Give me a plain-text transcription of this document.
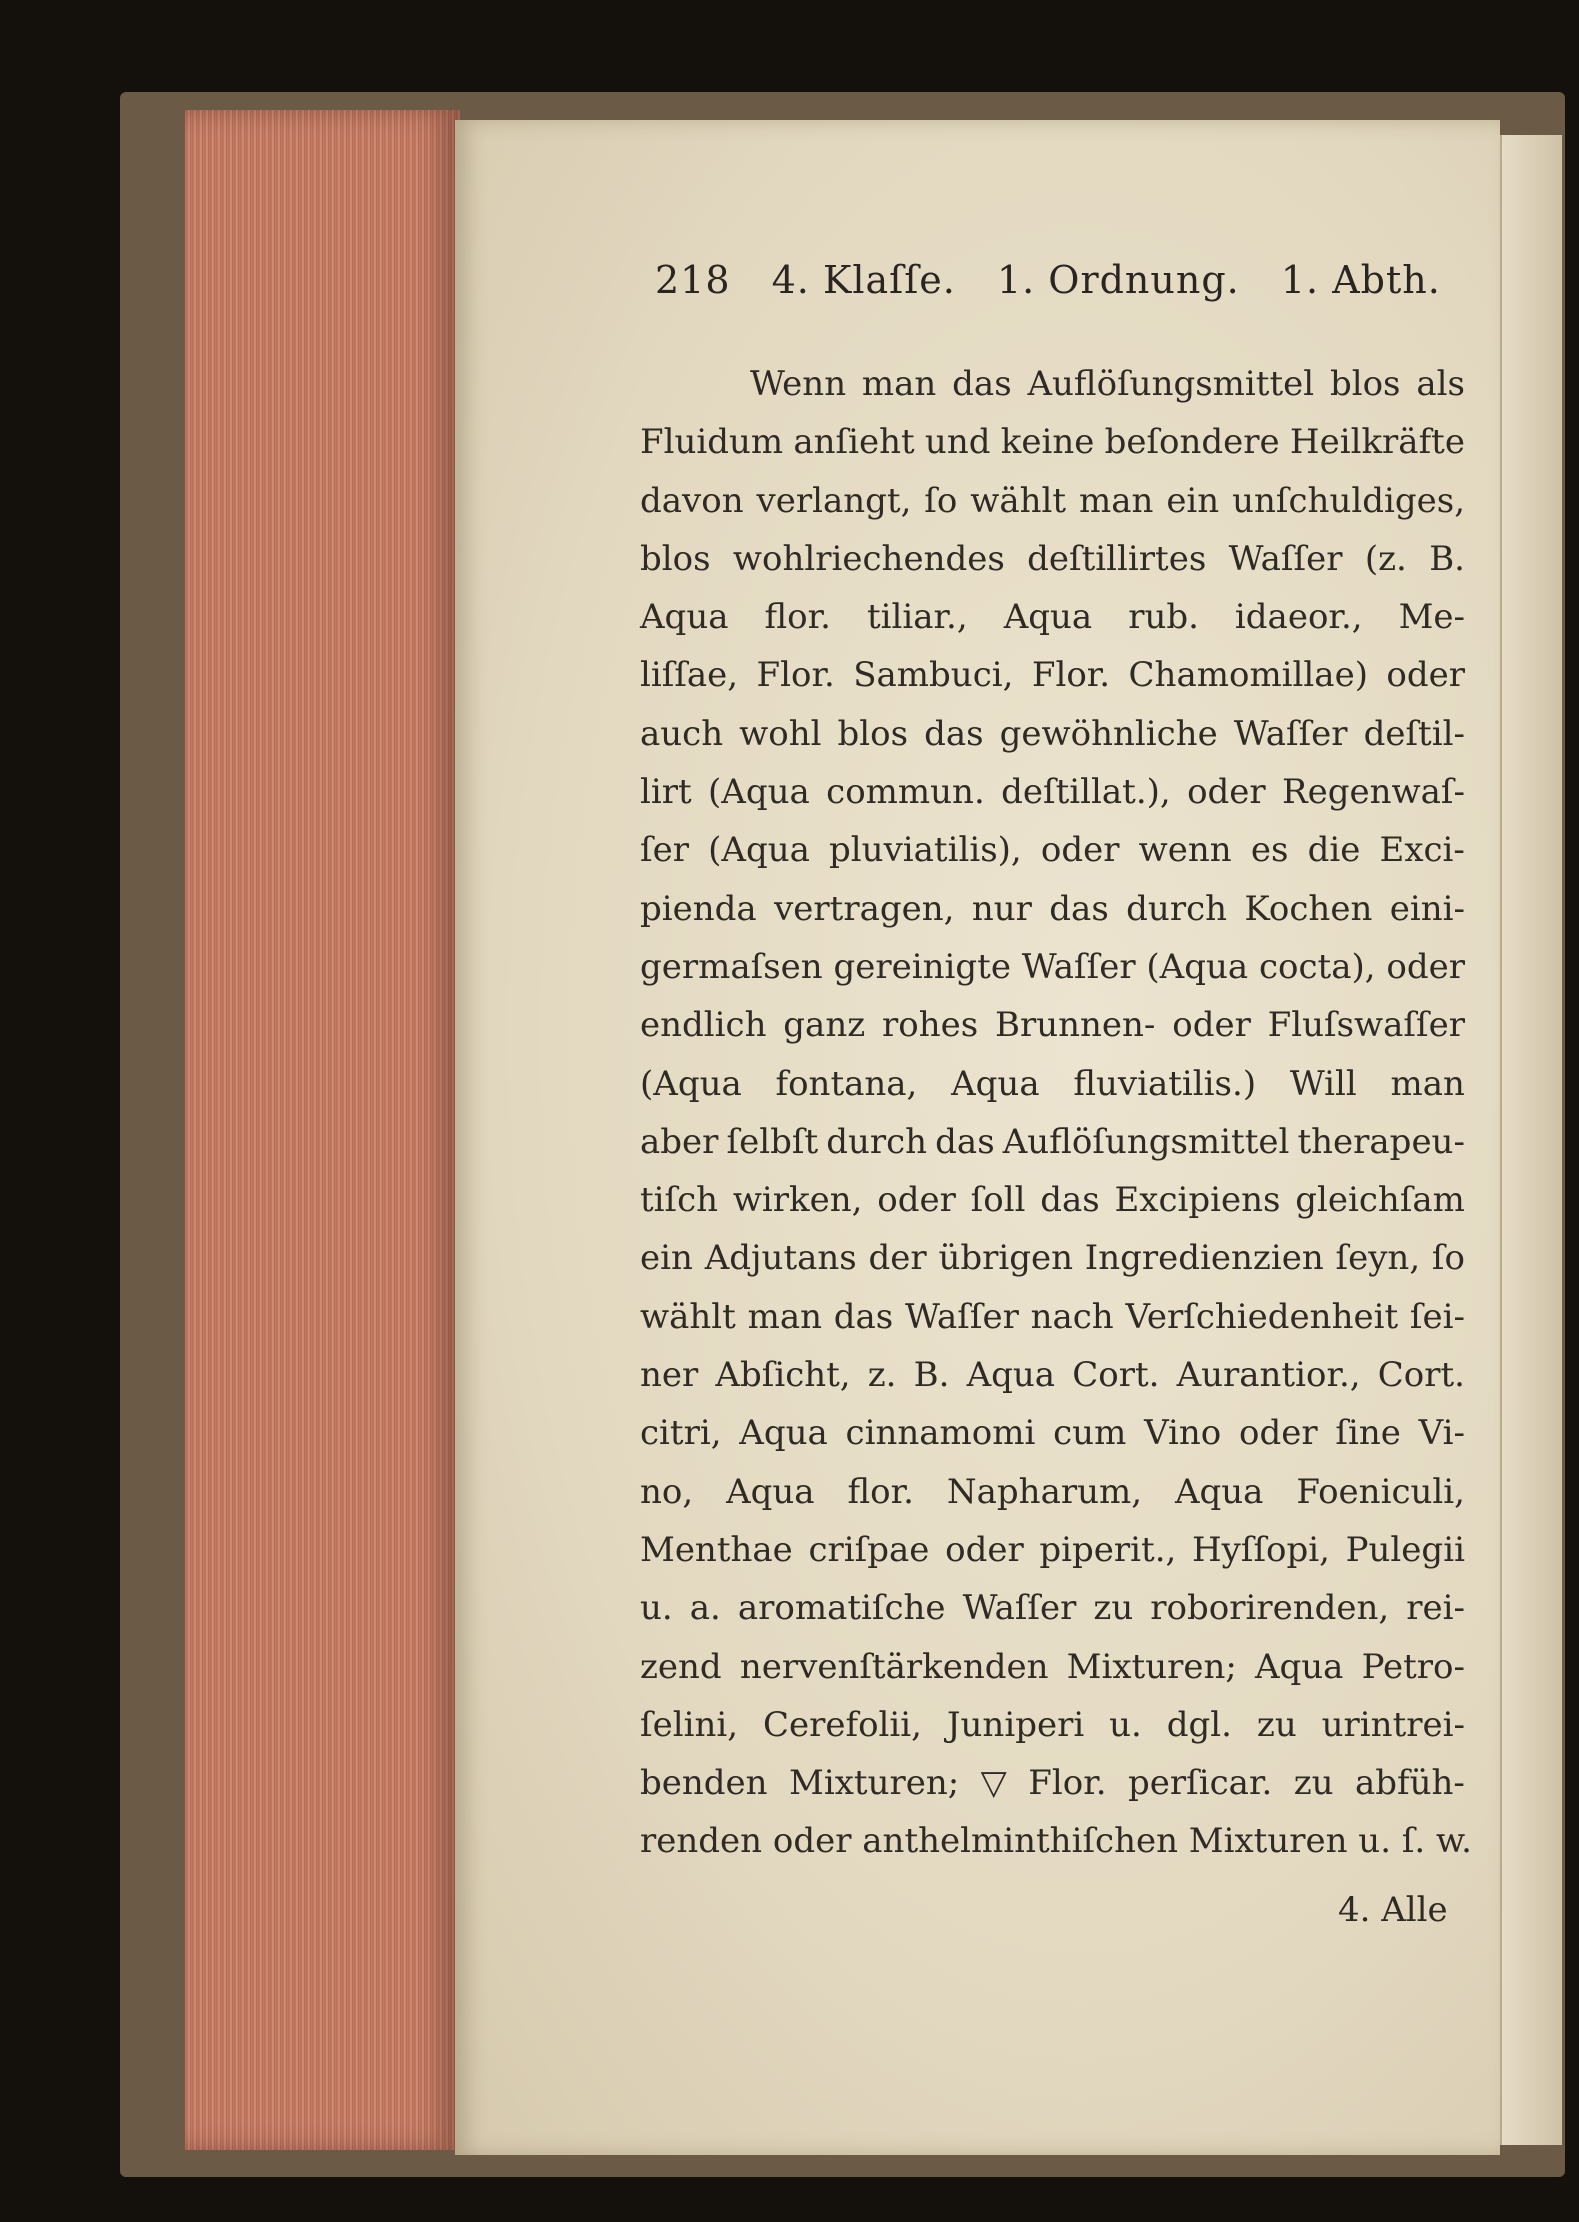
218 4. Klaſſe. 1. Ordnung. 1. Abth.
Wenn man das Auflöſungsmittel blos als
Fluidum anſieht und keine beſondere Heilkräfte
davon verlangt, ſo wählt man ein unſchuldiges,
blos wohlriechendes deſtillirtes Waſſer (z. B.
Aqua flor. tiliar., Aqua rub. idaeor., Me-
liſſae, Flor. Sambuci, Flor. Chamomillae) oder
auch wohl blos das gewöhnliche Waſſer deſtil-
lirt (Aqua commun. deſtillat.), oder Regenwaſ-
ſer (Aqua pluviatilis), oder wenn es die Exci-
pienda vertragen, nur das durch Kochen eini-
germaſsen gereinigte Waſſer (Aqua cocta), oder
endlich ganz rohes Brunnen- oder Fluſswaſſer
(Aqua fontana, Aqua fluviatilis.) Will man
aber ſelbſt durch das Auflöſungsmittel therapeu-
tiſch wirken, oder ſoll das Excipiens gleichſam
ein Adjutans der übrigen Ingredienzien ſeyn, ſo
wählt man das Waſſer nach Verſchiedenheit ſei-
ner Abſicht, z. B. Aqua Cort. Aurantior., Cort.
citri, Aqua cinnamomi cum Vino oder ſine Vi-
no, Aqua flor. Napharum, Aqua Foeniculi,
Menthae criſpae oder piperit., Hyſſopi, Pulegii
u. a. aromatiſche Waſſer zu roborirenden, rei-
zend nervenſtärkenden Mixturen; Aqua Petro-
ſelini, Cerefolii, Juniperi u. dgl. zu urintrei-
benden Mixturen; ▽ Flor. perſicar. zu abfüh-
renden oder anthelminthiſchen Mixturen u. ſ. w.
4. Alle
